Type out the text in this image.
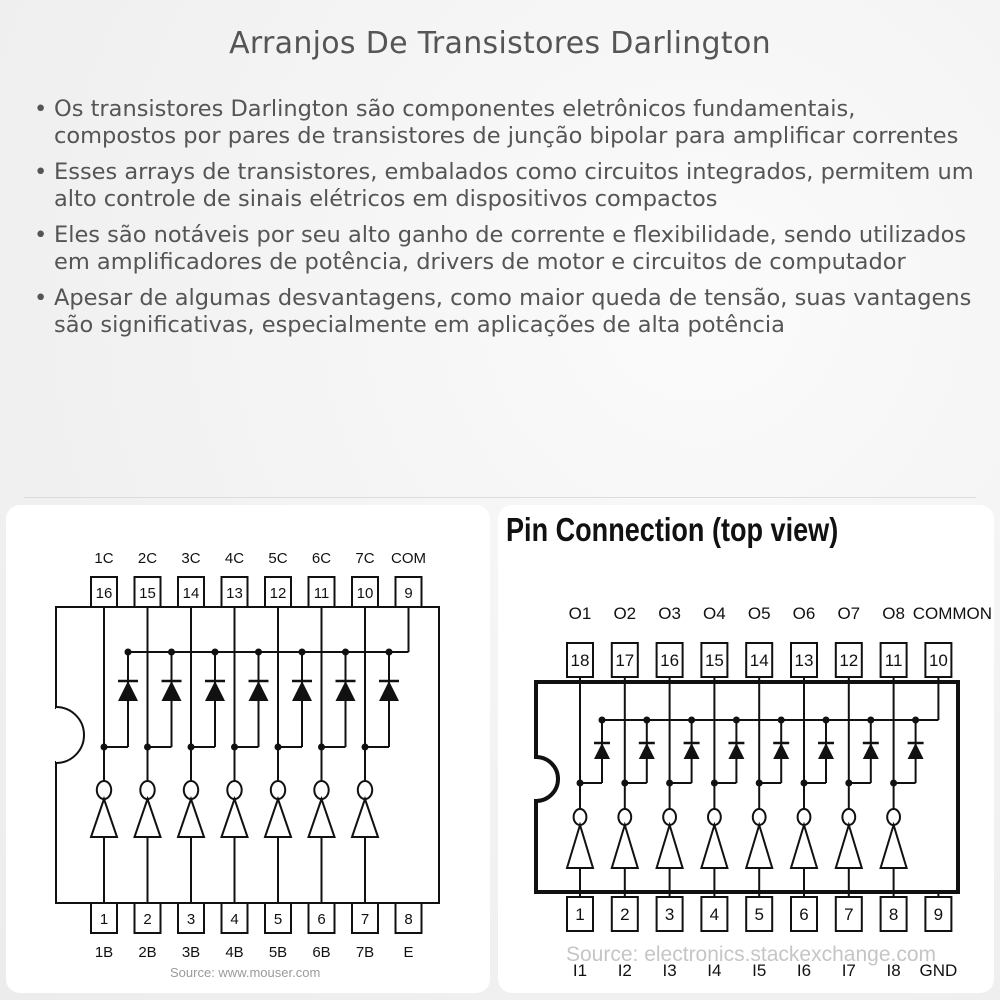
Arranjos De Transistores Darlington
• Os transistores Darlington são componentes eletrônicos fundamentais, compostos por pares de transistores de junção bipolar para amplificar correntes
• Esses arrays de transistores, embalados como circuitos integrados, permitem um alto controle de sinais elétricos em dispositivos compactos
• Eles são notáveis por seu alto ganho de corrente e flexibilidade, sendo utilizados em amplificadores de potência, drivers de motor e circuitos de computador
• Apesar de algumas desvantagens, como maior queda de tensão, suas vantagens são significativas, especialmente em aplicações de alta potência
16
1C
1
1B
15
2C
2
2B
14
3C
3
3B
13
4C
4
4B
12
5C
5
5B
11
6C
6
6B
10
7C
7
7B
9
COM
8
E
Source: www.mouser.com
Pin Connection (top view)
18
O1
1
I1
17
O2
2
I2
16
O3
3
I3
15
O4
4
I4
14
O5
5
I5
13
O6
6
I6
12
O7
7
I7
11
O8
8
I8
10
COMMON
9
GND
Source: electronics.stackexchange.com
